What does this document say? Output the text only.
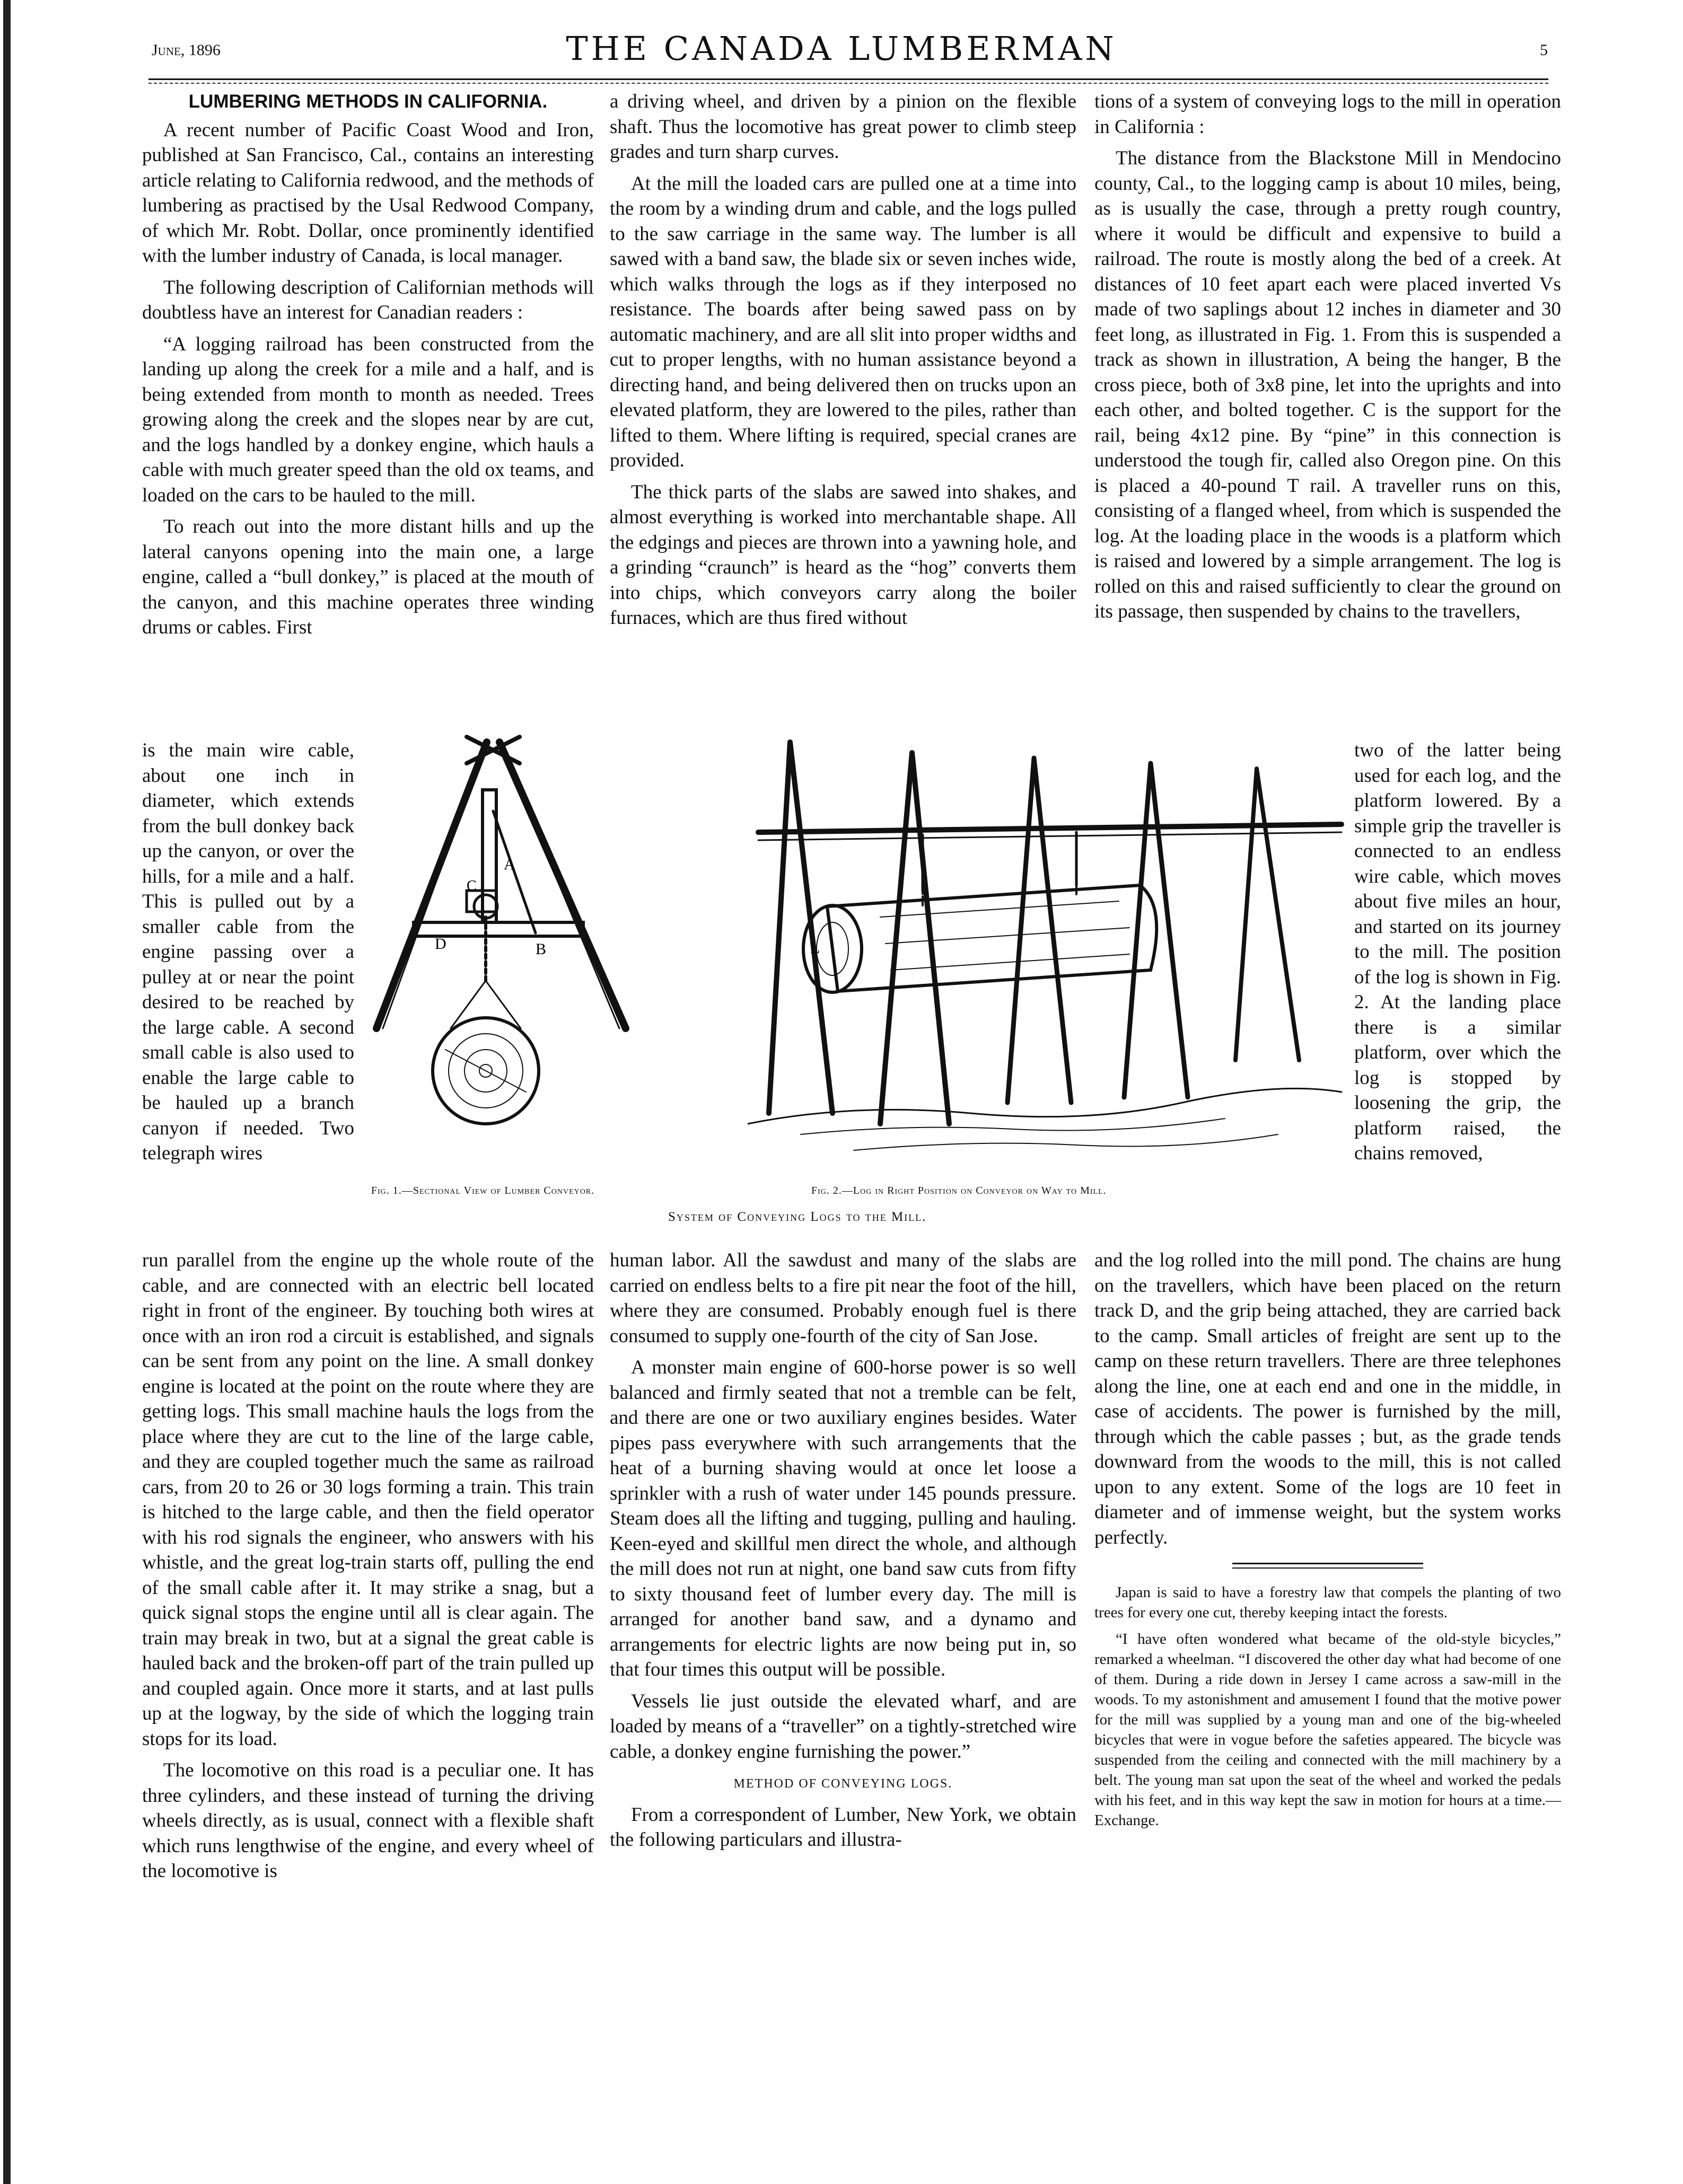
June, 1896	THE CANADA LUMBERMAN	5
LUMBERING METHODS IN CALIFORNIA.

A recent number of Pacific Coast Wood and Iron, published at San Francisco, Cal., contains an interesting article relating to California redwood, and the methods of lumbering as practised by the Usal Redwood Company, of which Mr. Robt. Dollar, once prominently identified with the lumber industry of Canada, is local manager.

The following description of Californian methods will doubtless have an interest for Canadian readers :

“A logging railroad has been constructed from the landing up along the creek for a mile and a half, and is being extended from month to month as needed. Trees growing along the creek and the slopes near by are cut, and the logs handled by a donkey engine, which hauls a cable with much greater speed than the old ox teams, and loaded on the cars to be hauled to the mill.

To reach out into the more distant hills and up the lateral canyons opening into the main one, a large engine, called a “bull donkey,” is placed at the mouth of the canyon, and this machine operates three winding drums or cables. First

is the main wire cable, about one inch in diameter, which extends from the bull donkey back up the canyon, or over the hills, for a mile and a half. This is pulled out by a smaller cable from the engine passing over a pulley at or near the point desired to be reached by the large cable. A second small cable is also used to enable the large cable to be hauled up a branch canyon if needed. Two telegraph wires

run parallel from the engine up the whole route of the cable, and are connected with an electric bell located right in front of the engineer. By touching both wires at once with an iron rod a circuit is established, and signals can be sent from any point on the line. A small donkey engine is located at the point on the route where they are getting logs. This small machine hauls the logs from the place where they are cut to the line of the large cable, and they are coupled together much the same as railroad cars, from 20 to 26 or 30 logs forming a train. This train is hitched to the large cable, and then the field operator with his rod signals the engineer, who answers with his whistle, and the great log-train starts off, pulling the end of the small cable after it. It may strike a snag, but a quick signal stops the engine until all is clear again. The train may break in two, but at a signal the great cable is hauled back and the broken-off part of the train pulled up and coupled again. Once more it starts, and at last pulls up at the logway, by the side of which the logging train stops for its load.

The locomotive on this road is a peculiar one. It has three cylinders, and these instead of turning the driving wheels directly, as is usual, connect with a flexible shaft which runs lengthwise of the engine, and every wheel of the locomotive is

a driving wheel, and driven by a pinion on the flexible shaft. Thus the locomotive has great power to climb steep grades and turn sharp curves.

At the mill the loaded cars are pulled one at a time into the room by a winding drum and cable, and the logs pulled to the saw carriage in the same way. The lumber is all sawed with a band saw, the blade six or seven inches wide, which walks through the logs as if they interposed no resistance. The boards after being sawed pass on by automatic machinery, and are all slit into proper widths and cut to proper lengths, with no human assistance beyond a directing hand, and being delivered then on trucks upon an elevated platform, they are lowered to the piles, rather than lifted to them. Where lifting is required, special cranes are provided.

The thick parts of the slabs are sawed into shakes, and almost everything is worked into merchantable shape. All the edgings and pieces are thrown into a yawning hole, and a grinding “craunch” is heard as the “hog” converts them into chips, which conveyors carry along the boiler furnaces, which are thus fired without

human labor. All the sawdust and many of the slabs are carried on endless belts to a fire pit near the foot of the hill, where they are consumed. Probably enough fuel is there consumed to supply one-fourth of the city of San Jose.

A monster main engine of 600-horse power is so well balanced and firmly seated that not a tremble can be felt, and there are one or two auxiliary engines besides. Water pipes pass everywhere with such arrangements that the heat of a burning shaving would at once let loose a sprinkler with a rush of water under 145 pounds pressure. Steam does all the lifting and tugging, pulling and hauling. Keen-eyed and skillful men direct the whole, and although the mill does not run at night, one band saw cuts from fifty to sixty thousand feet of lumber every day. The mill is arranged for another band saw, and a dynamo and arrangements for electric lights are now being put in, so that four times this output will be possible.

Vessels lie just outside the elevated wharf, and are loaded by means of a “traveller” on a tightly-stretched wire cable, a donkey engine furnishing the power.”

METHOD OF CONVEYING LOGS.

From a correspondent of Lumber, New York, we obtain the following particulars and illustra-

tions of a system of conveying logs to the mill in operation in California :

The distance from the Blackstone Mill in Mendocino county, Cal., to the logging camp is about 10 miles, being, as is usually the case, through a pretty rough country, where it would be difficult and expensive to build a railroad. The route is mostly along the bed of a creek. At distances of 10 feet apart each were placed inverted Vs made of two saplings about 12 inches in diameter and 30 feet long, as illustrated in Fig. 1. From this is suspended a track as shown in illustration, A being the hanger, B the cross piece, both of 3x8 pine, let into the uprights and into each other, and bolted together. C is the support for the rail, being 4x12 pine. By “pine” in this connection is understood the tough fir, called also Oregon pine. On this is placed a 40-pound T rail. A traveller runs on this, consisting of a flanged wheel, from which is suspended the log. At the loading place in the woods is a platform which is raised and lowered by a simple arrangement. The log is rolled on this and raised sufficiently to clear the ground on its passage, then suspended by chains to the travellers,

two of the latter being used for each log, and the platform lowered. By a simple grip the traveller is connected to an endless wire cable, which moves about five miles an hour, and started on its journey to the mill. The position of the log is shown in Fig. 2. At the landing place there is a similar platform, over which the log is stopped by loosening the grip, the platform raised, the chains removed,

and the log rolled into the mill pond. The chains are hung on the travellers, which have been placed on the return track D, and the grip being attached, they are carried back to the camp. Small articles of freight are sent up to the camp on these return travellers. There are three telephones along the line, one at each end and one in the middle, in case of accidents. The power is furnished by the mill, through which the cable passes ; but, as the grade tends downward from the woods to the mill, this is not called upon to any extent. Some of the logs are 10 feet in diameter and of immense weight, but the system works perfectly.

Japan is said to have a forestry law that compels the planting of two trees for every one cut, thereby keeping intact the forests.

“I have often wondered what became of the old-style bicycles,” remarked a wheelman. “I discovered the other day what had become of one of them. During a ride down in Jersey I came across a saw-mill in the woods. To my astonishment and amusement I found that the motive power for the mill was supplied by a young man and one of the big-wheeled bicycles that were in vogue before the safeties appeared. The bicycle was suspended from the ceiling and connected with the mill machinery by a belt. The young man sat upon the seat of the wheel and worked the pedals with his feet, and in this way kept the saw in motion for hours at a time.—Exchange.

A
B
C
D	L
Fig. 1.—Sectional View of Lumber Conveyor.	Fig. 2.—Log in Right Position on Conveyor on Way to Mill.
System of Conveying Logs to the Mill.
